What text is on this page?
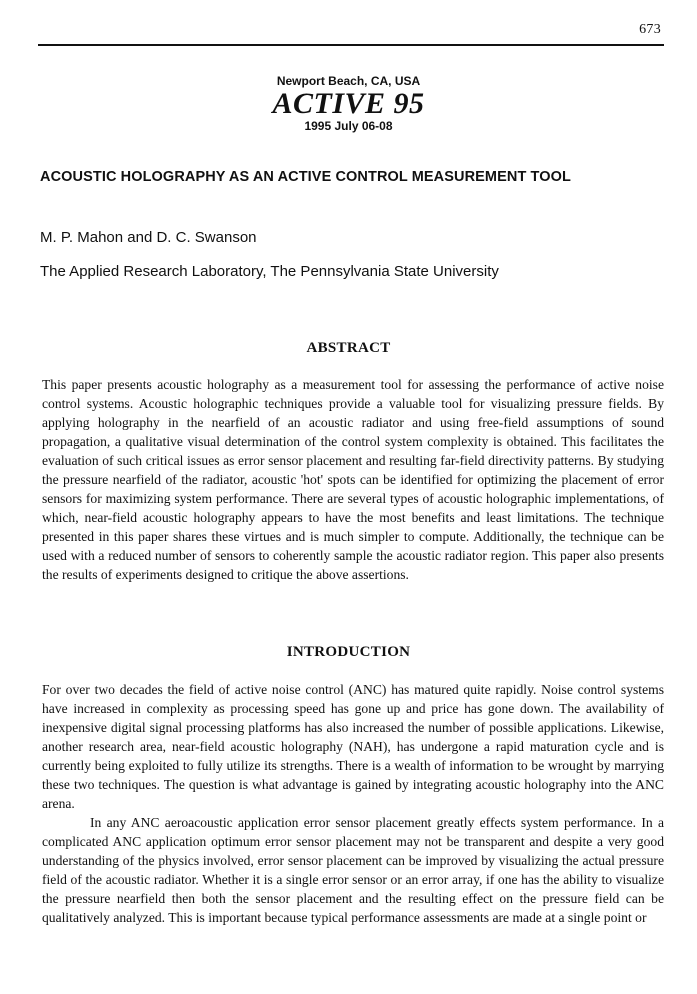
673
Newport Beach, CA, USA
ACTIVE 95
1995 July 06-08
ACOUSTIC HOLOGRAPHY AS AN ACTIVE CONTROL MEASUREMENT TOOL
M. P. Mahon and D. C. Swanson
The Applied Research Laboratory, The Pennsylvania State University
ABSTRACT

This paper presents acoustic holography as a measurement tool for assessing the performance of active noise control systems. Acoustic holographic techniques provide a valuable tool for visualizing pressure fields. By applying holography in the nearfield of an acoustic radiator and using free-field assumptions of sound propagation, a qualitative visual determination of the control system complexity is obtained. This facilitates the evaluation of such critical issues as error sensor placement and resulting far-field directivity patterns. By studying the pressure nearfield of the radiator, acoustic 'hot' spots can be identified for optimizing the placement of error sensors for maximizing system performance. There are several types of acoustic holographic implementations, of which, near-field acoustic holography appears to have the most benefits and least limitations. The technique presented in this paper shares these virtues and is much simpler to compute. Additionally, the technique can be used with a reduced number of sensors to coherently sample the acoustic radiator region. This paper also presents the results of experiments designed to critique the above assertions.

INTRODUCTION

For over two decades the field of active noise control (ANC) has matured quite rapidly. Noise control systems have increased in complexity as processing speed has gone up and price has gone down. The availability of inexpensive digital signal processing platforms has also increased the number of possible applications. Likewise, another research area, near-field acoustic holography (NAH), has undergone a rapid maturation cycle and is currently being exploited to fully utilize its strengths. There is a wealth of information to be wrought by marrying these two techniques. The question is what advantage is gained by integrating acoustic holography into the ANC arena.

In any ANC aeroacoustic application error sensor placement greatly effects system performance. In a complicated ANC application optimum error sensor placement may not be transparent and despite a very good understanding of the physics involved, error sensor placement can be improved by visualizing the actual pressure field of the acoustic radiator. Whether it is a single error sensor or an error array, if one has the ability to visualize the pressure nearfield then both the sensor placement and the resulting effect on the pressure field can be qualitatively analyzed. This is important because typical performance assessments are made at a single point or
